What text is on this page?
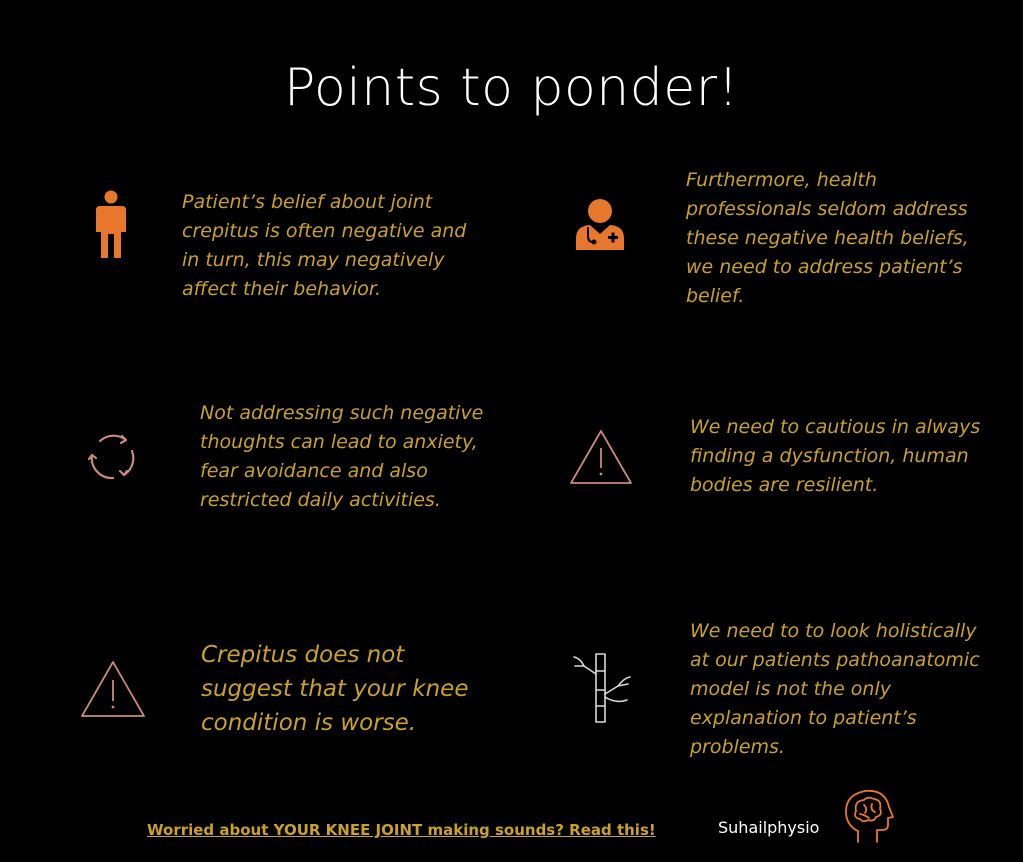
Points to ponder!
Patient’s belief about joint crepitus is often negative and in turn, this may negatively affect their behavior.
Furthermore, health professionals seldom address these negative health beliefs, we need to address patient’s belief.
Not addressing such negative thoughts can lead to anxiety, fear avoidance and also restricted daily activities.
We need to cautious in always finding a dysfunction, human bodies are resilient.
Crepitus does not suggest that your knee condition is worse.
We need to to look holistically at our patients pathoanatomic model is not the only explanation to patient’s problems.
Worried about YOUR KNEE JOINT making sounds? Read this!	Suhailphysio
